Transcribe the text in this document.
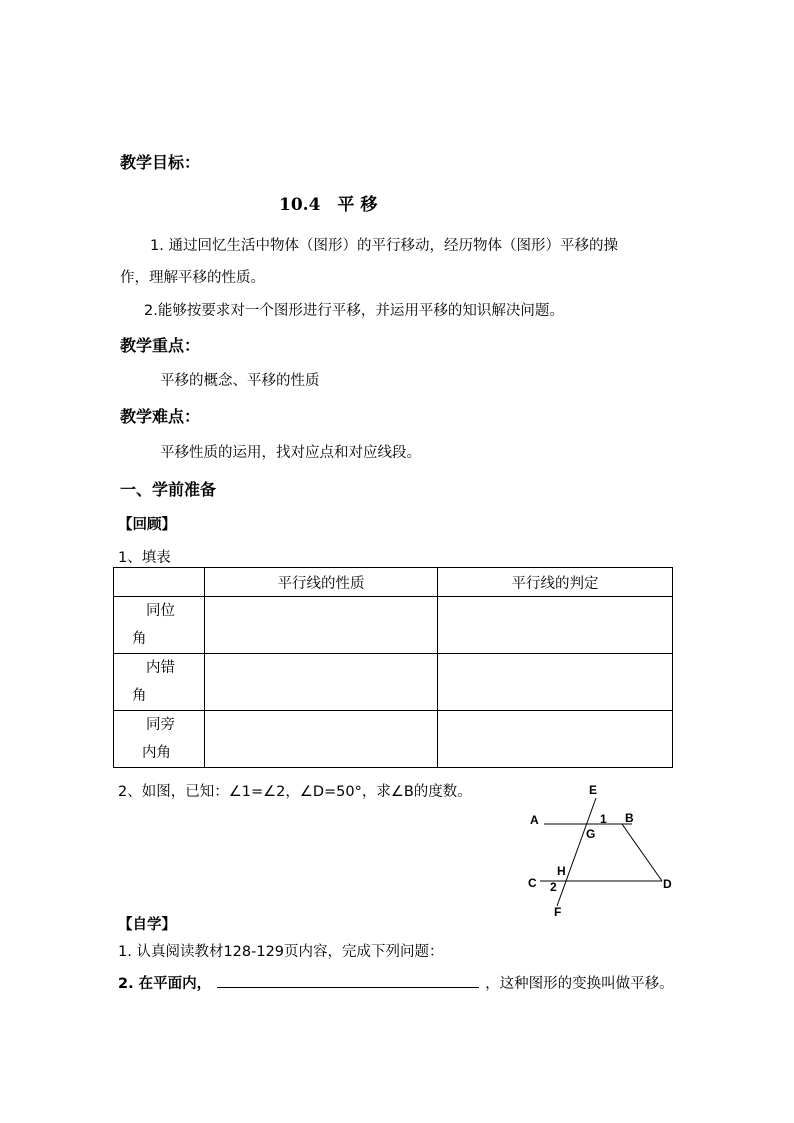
教学目标：
10.4　平 移
1. 通过回忆生活中物体（图形）的平行移动，经历物体（图形）平移的操
作，理解平移的性质。
2.能够按要求对一个图形进行平移，并运用平移的知识解决问题。
教学重点：
平移的概念、平移的性质
教学难点：
平移性质的运用，找对应点和对应线段。
一、学前准备
【回顾】
1、填表
	平行线的性质	平行线的判定

同位
角		

内错
角		

同旁
内角		

2、如图，已知：∠1=∠2，∠D=50°，求∠B的度数。	E
A	1 B
G
H
C 2	D
F
【自学】
1. 认真阅读教材128-129页内容，完成下列问题：
2. 在平面内，	，这种图形的变换叫做平移。
